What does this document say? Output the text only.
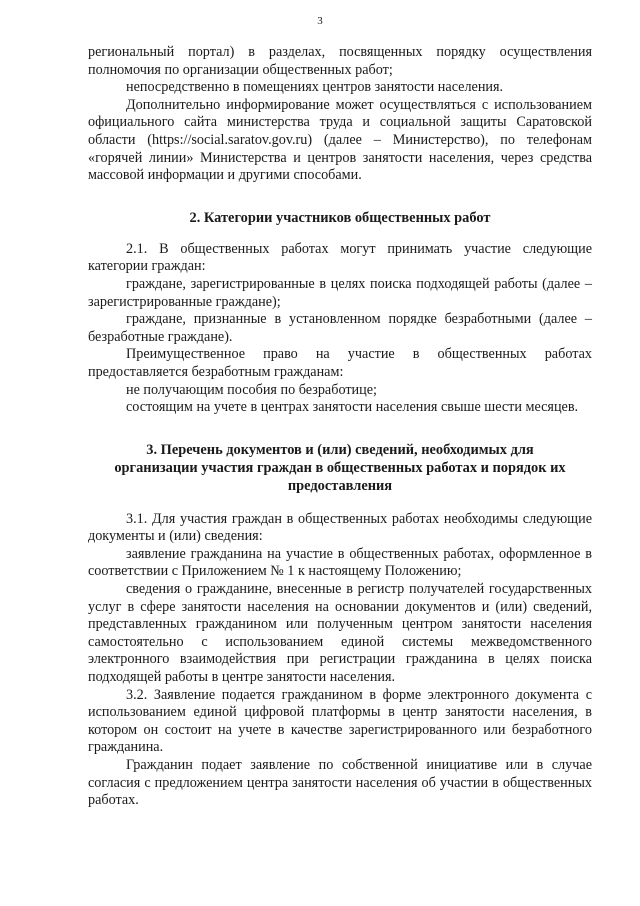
3

региональный портал) в разделах, посвященных порядку осуществления полномочия по организации общественных работ;

непосредственно в помещениях центров занятости населения.

Дополнительно информирование может осуществляться с использованием официального сайта министерства труда и социальной защиты Саратовской области (https://social.saratov.gov.ru) (далее – Министерство), по телефонам «горячей линии» Министерства и центров занятости населения, через средства массовой информации и другими способами.

2. Категории участников общественных работ

2.1. В общественных работах могут принимать участие следующие категории граждан:

граждане, зарегистрированные в целях поиска подходящей работы (далее – зарегистрированные граждане);

граждане, признанные в установленном порядке безработными (далее – безработные граждане).

Преимущественное право на участие в общественных работах предоставляется безработным гражданам:

не получающим пособия по безработице;

состоящим на учете в центрах занятости населения свыше шести месяцев.

3. Перечень документов и (или) сведений, необходимых для
организации участия граждан в общественных работах и порядок их
предоставления

3.1. Для участия граждан в общественных работах необходимы следующие документы и (или) сведения:

заявление гражданина на участие в общественных работах, оформленное в соответствии с Приложением № 1 к настоящему Положению;

сведения о гражданине, внесенные в регистр получателей государственных услуг в сфере занятости населения на основании документов и (или) сведений, представленных гражданином или полученным центром занятости населения самостоятельно с использованием единой системы межведомственного электронного взаимодействия при регистрации гражданина в целях поиска подходящей работы в центре занятости населения.

3.2. Заявление подается гражданином в форме электронного документа с использованием единой цифровой платформы в центр занятости населения, в котором он состоит на учете в качестве зарегистрированного или безработного гражданина.

Гражданин подает заявление по собственной инициативе или в случае согласия с предложением центра занятости населения об участии в общественных работах.
